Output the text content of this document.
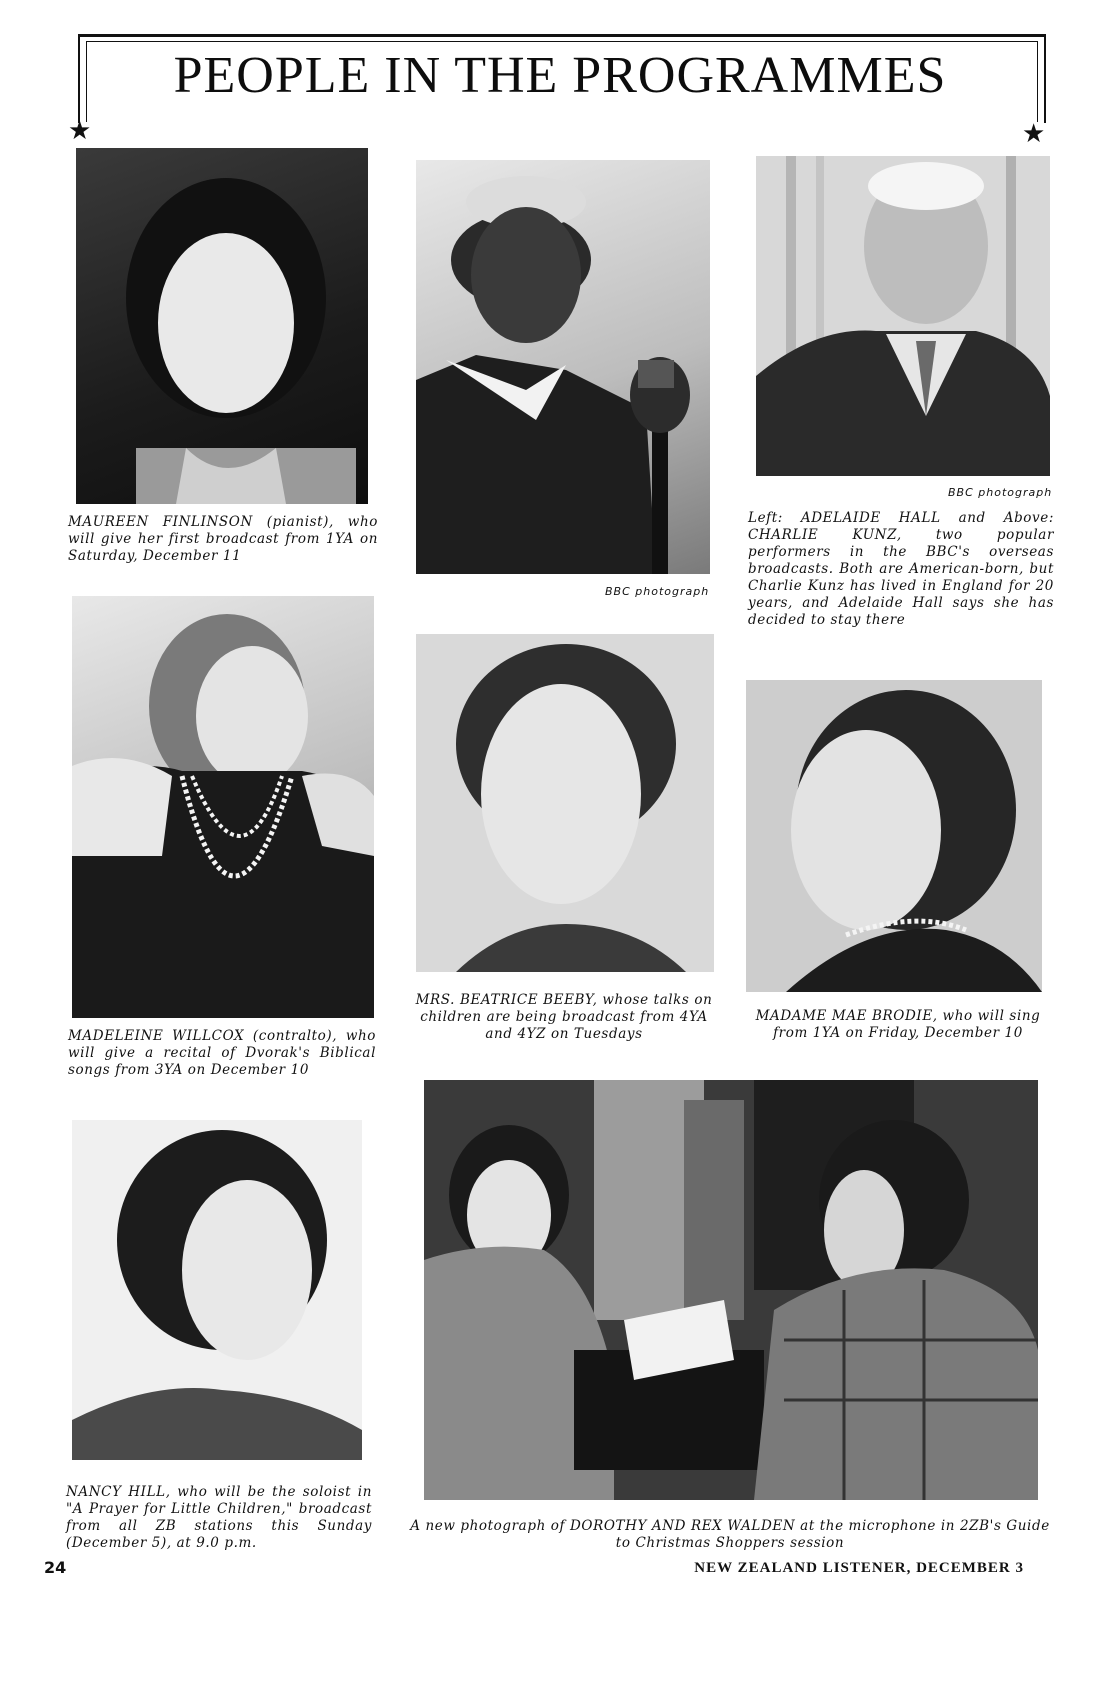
PEOPLE IN THE PROGRAMMES
★	★
BBC photograph
BBC photograph
MAUREEN FINLINSON (pianist), who will give her first broadcast from 1YA on Saturday, December 11
Left: ADELAIDE HALL and Above: CHARLIE KUNZ, two popular performers in the BBC's overseas broadcasts. Both are American-born, but Charlie Kunz has lived in England for 20 years, and Adelaide Hall says she has decided to stay there
MRS. BEATRICE BEEBY, whose talks on children are being broadcast from 4YA and 4YZ on Tuesdays
MADAME MAE BRODIE, who will sing from 1YA on Friday, December 10
MADELEINE WILLCOX (contralto), who will give a recital of Dvorak's Biblical songs from 3YA on December 10
NANCY HILL, who will be the soloist in "A Prayer for Little Children," broadcast from all ZB stations this Sunday (December 5), at 9.0 p.m.
A new photograph of DOROTHY AND REX WALDEN at the microphone in 2ZB's Guide to Christmas Shoppers session
24	NEW ZEALAND LISTENER, DECEMBER 3
